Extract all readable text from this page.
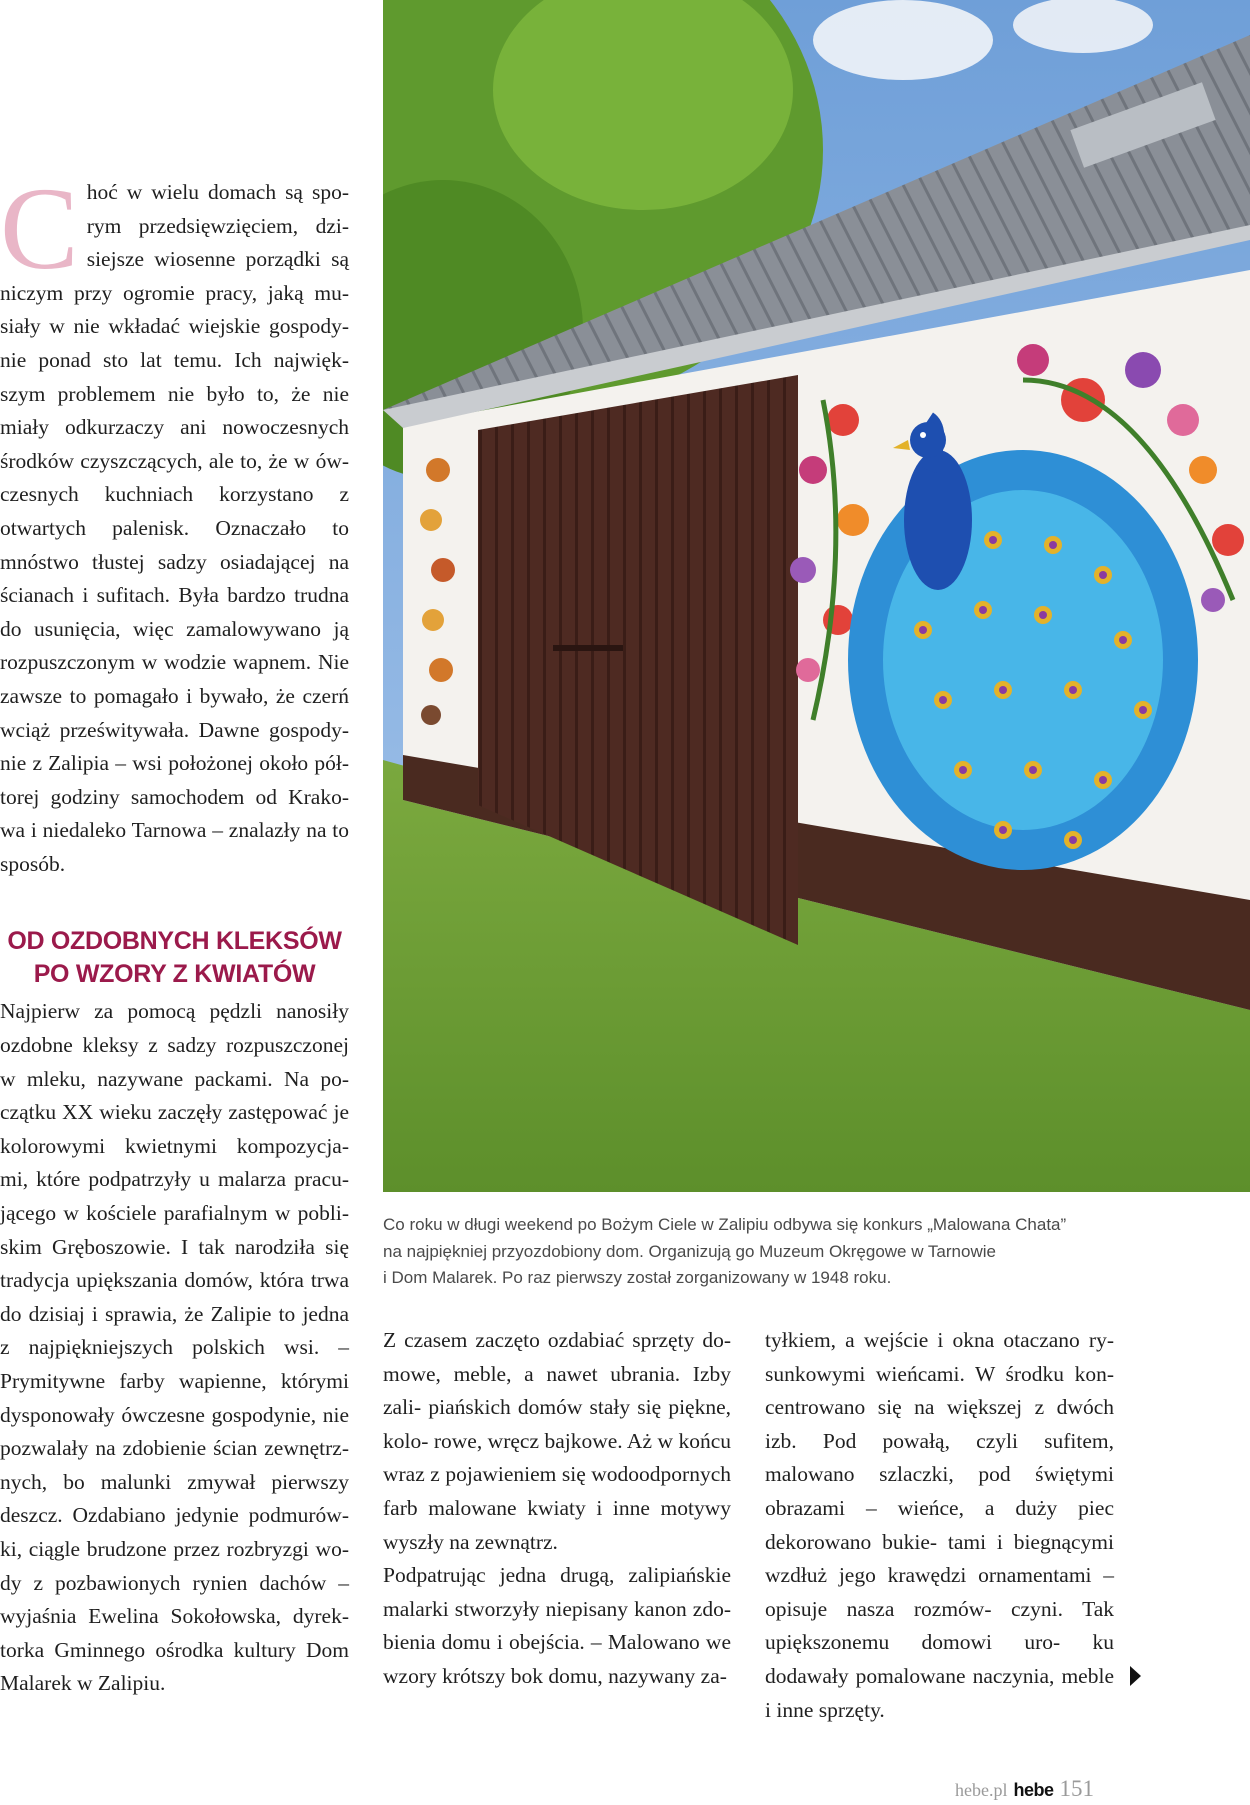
C hoć w wielu domach są spo- rym przedsięwzięciem, dzi- siejsze wiosenne porządki są niczym przy ogromie pracy, jaką mu- siały w nie wkładać wiejskie gospody- nie ponad sto lat temu. Ich najwięk- szym problemem nie było to, że nie miały odkurzaczy ani nowoczesnych środków czyszczących, ale to, że w ów- czesnych kuchniach korzystano z otwartych palenisk. Oznaczało to mnóstwo tłustej sadzy osiadającej na ścianach i sufitach. Była bardzo trudna do usunięcia, więc zamalowywano ją rozpuszczonym w wodzie wapnem. Nie zawsze to pomagało i bywało, że czerń wciąż prześwitywała. Dawne gospody- nie z Zalipia – wsi położonej około pół- torej godziny samochodem od Krako- wa i niedaleko Tarnowa – znalazły na to sposób.

OD OZDOBNYCH KLEKSÓW
PO WZORY Z KWIATÓW

Najpierw za pomocą pędzli nanosiły ozdobne kleksy z sadzy rozpuszczonej w mleku, nazywane packami. Na po- czątku XX wieku zaczęły zastępować je kolorowymi kwietnymi kompozycja- mi, które podpatrzyły u malarza pracu- jącego w kościele parafialnym w pobli- skim Gręboszowie. I tak narodziła się tradycja upiększania domów, która trwa do dzisiaj i sprawia, że Zalipie to jedna z najpiękniejszych polskich wsi. – Prymitywne farby wapienne, którymi dysponowały ówczesne gospodynie, nie pozwalały na zdobienie ścian zewnętrz- nych, bo malunki zmywał pierwszy deszcz. Ozdabiano jedynie podmurów- ki, ciągle brudzone przez rozbryzgi wo- dy z pozbawionych rynien dachów – wyjaśnia Ewelina Sokołowska, dyrek- torka Gminnego ośrodka kultury Dom Malarek w Zalipiu.

Co roku w długi weekend po Bożym Ciele w Zalipiu odbywa się konkurs „Malowana Chata”
na najpiękniej przyozdobiony dom. Organizują go Muzeum Okręgowe w Tarnowie
i Dom Malarek. Po raz pierwszy został zorganizowany w 1948 roku.

Z czasem zaczęto ozdabiać sprzęty do- mowe, meble, a nawet ubrania. Izby zali- piańskich domów stały się piękne, kolo- rowe, wręcz bajkowe. Aż w końcu wraz z pojawieniem się wodoodpornych farb malowane kwiaty i inne motywy wyszły na zewnątrz.

Podpatrując jedna drugą, zalipiańskie malarki stworzyły niepisany kanon zdo- bienia domu i obejścia. – Malowano we wzory krótszy bok domu, nazywany za-

tyłkiem, a wejście i okna otaczano ry- sunkowymi wieńcami. W środku kon- centrowano się na większej z dwóch izb. Pod powałą, czyli sufitem, malowano szlaczki, pod świętymi obrazami – wieńce, a duży piec dekorowano bukie- tami i biegnącymi wzdłuż jego krawędzi ornamentami – opisuje nasza rozmów- czyni. Tak upiększonemu domowi uro- ku dodawały pomalowane naczynia, meble i inne sprzęty.

hebe.pl hebe 151
